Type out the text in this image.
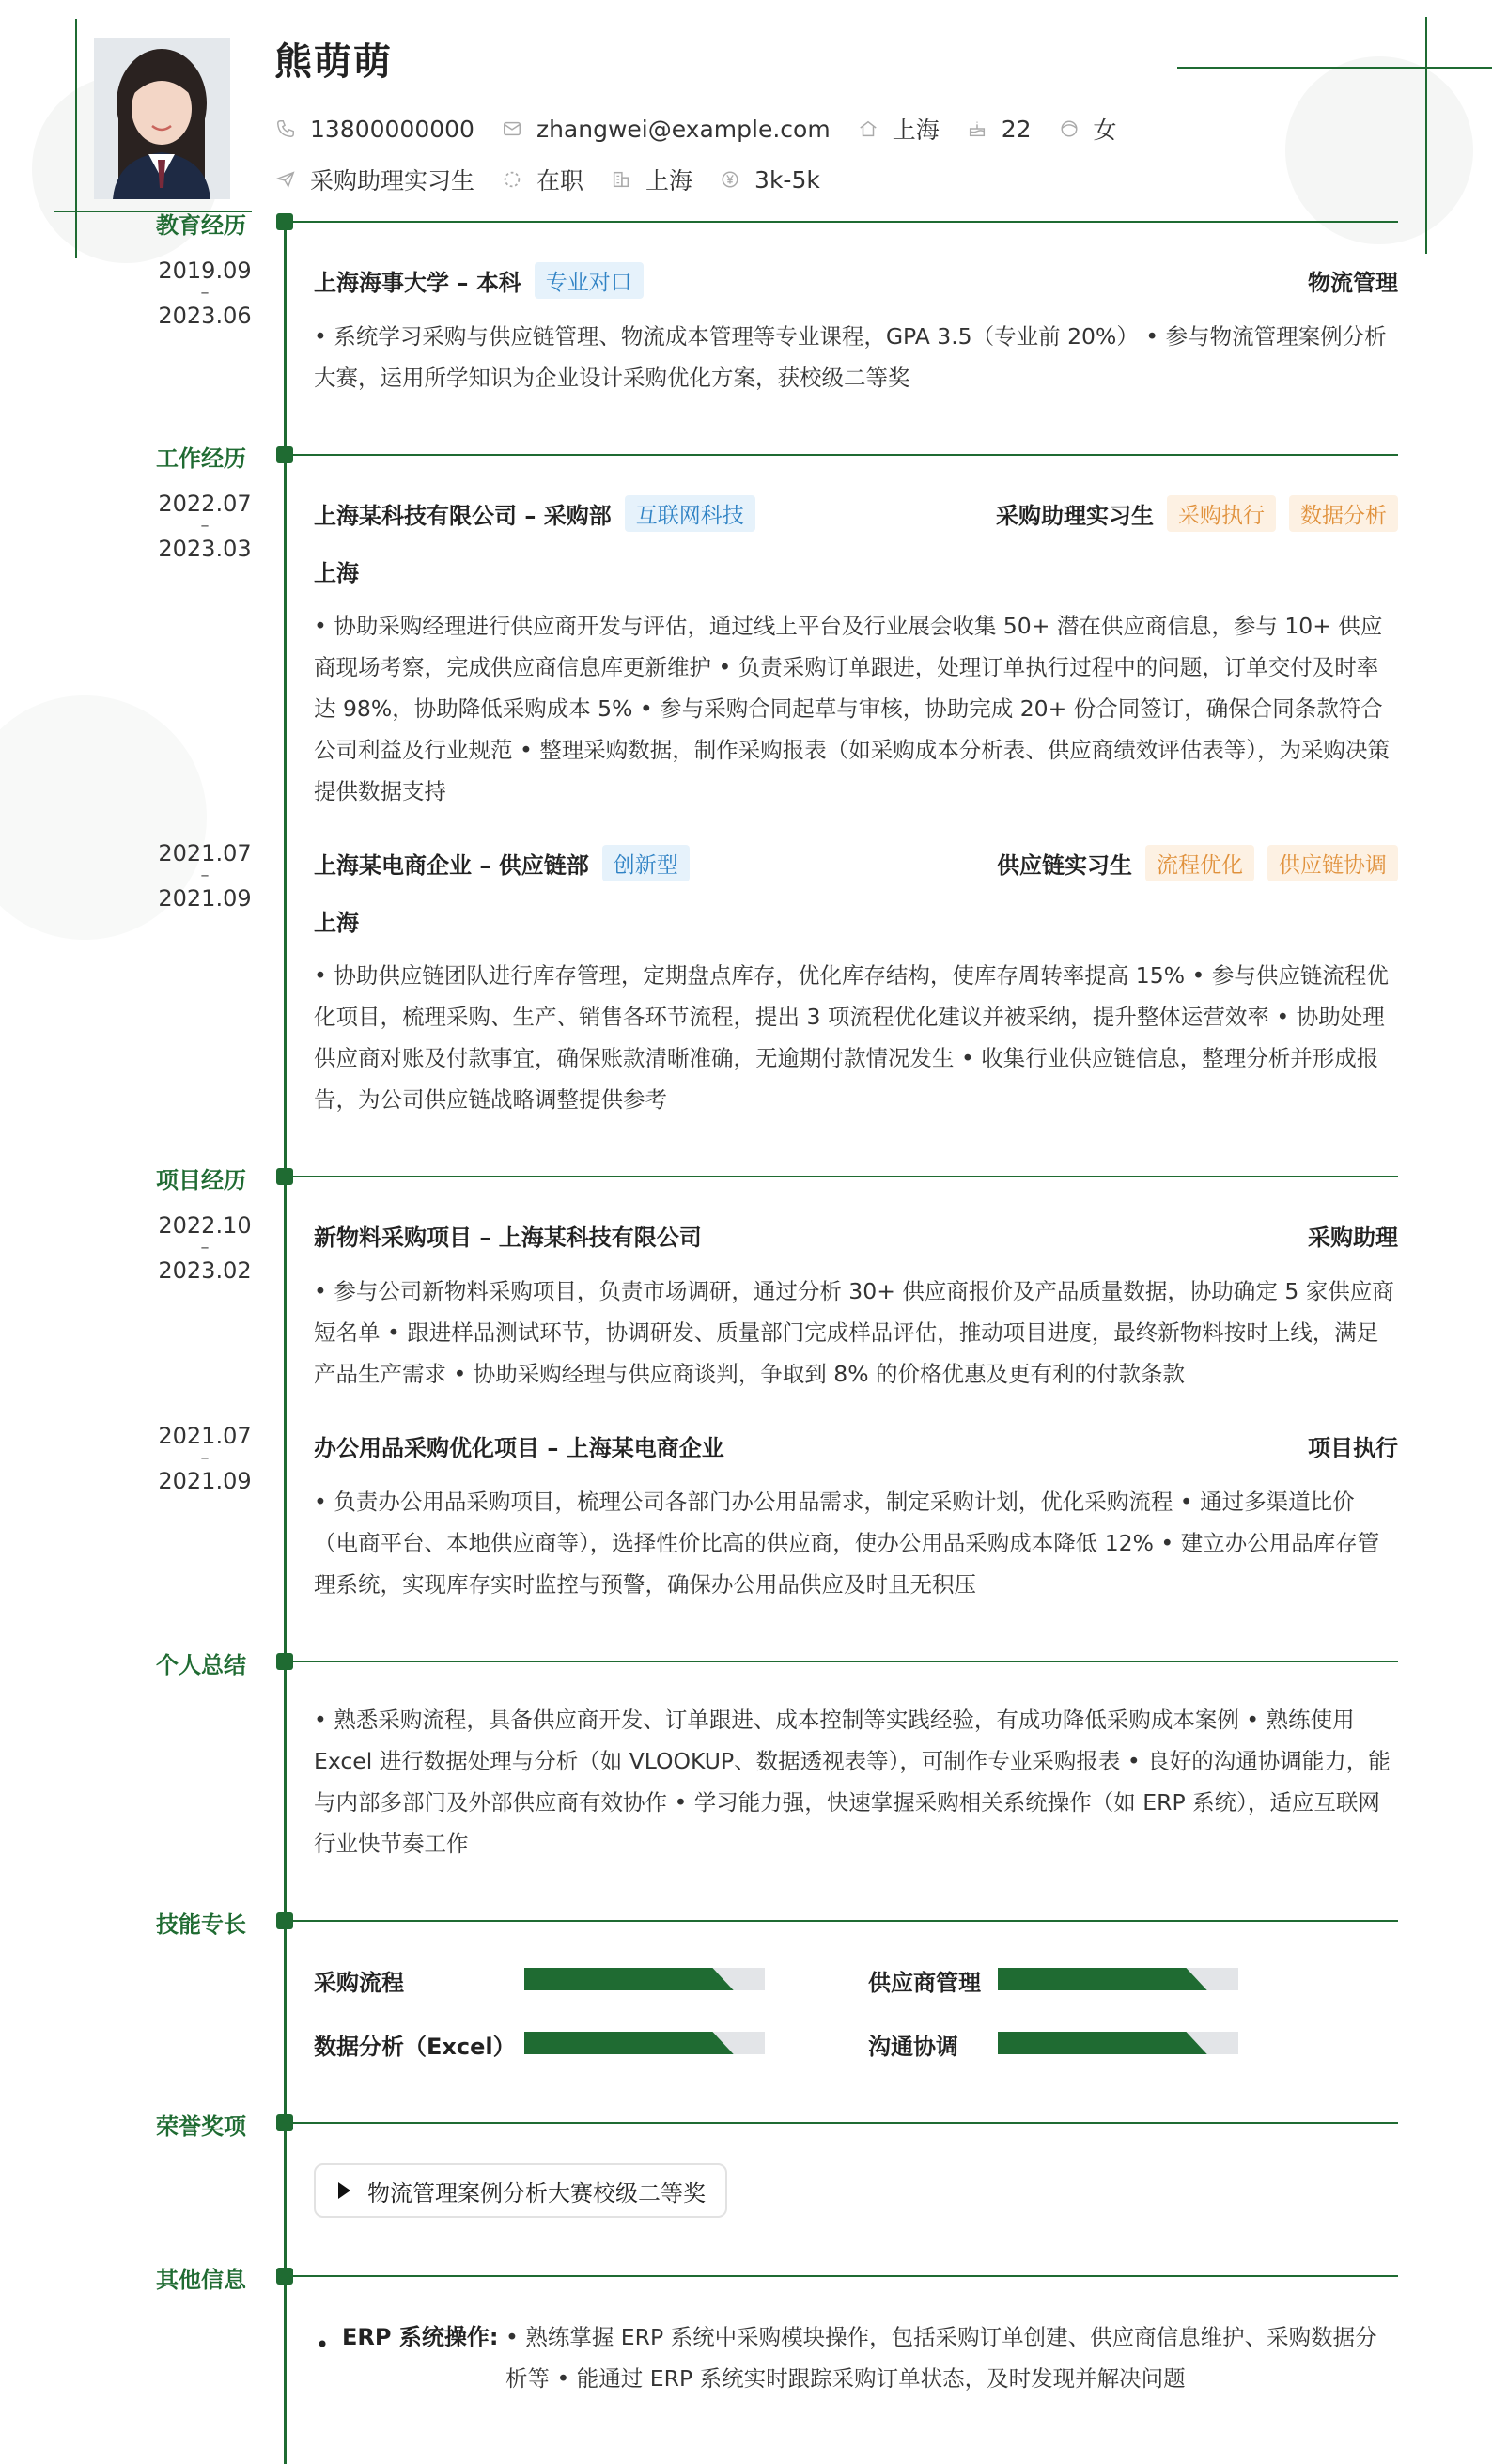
熊萌萌
13800000000	zhangwei@example.com	上海	22	女
采购助理实习生	在职	上海	3k-5k
教育经历
2019.09
–
2023.06
上海海事大学 – 本科	专业对口	物流管理
• 系统学习采购与供应链管理、物流成本管理等专业课程，GPA 3.5（专业前 20%） • 参与物流管理案例分析大赛，运用所学知识为企业设计采购优化方案，获校级二等奖
工作经历
2022.07
–
2023.03
上海某科技有限公司 – 采购部	互联网科技	采购助理实习生	采购执行	数据分析
上海
• 协助采购经理进行供应商开发与评估，通过线上平台及行业展会收集 50+ 潜在供应商信息，参与 10+ 供应商现场考察，完成供应商信息库更新维护 • 负责采购订单跟进，处理订单执行过程中的问题，订单交付及时率达 98%，协助降低采购成本 5% • 参与采购合同起草与审核，协助完成 20+ 份合同签订，确保合同条款符合公司利益及行业规范 • 整理采购数据，制作采购报表（如采购成本分析表、供应商绩效评估表等），为采购决策提供数据支持
2021.07
–
2021.09
上海某电商企业 – 供应链部	创新型	供应链实习生	流程优化	供应链协调
上海
• 协助供应链团队进行库存管理，定期盘点库存，优化库存结构，使库存周转率提高 15% • 参与供应链流程优化项目，梳理采购、生产、销售各环节流程，提出 3 项流程优化建议并被采纳，提升整体运营效率 • 协助处理供应商对账及付款事宜，确保账款清晰准确，无逾期付款情况发生 • 收集行业供应链信息，整理分析并形成报告，为公司供应链战略调整提供参考
项目经历
2022.10
–
2023.02
新物料采购项目 – 上海某科技有限公司	采购助理
• 参与公司新物料采购项目，负责市场调研，通过分析 30+ 供应商报价及产品质量数据，协助确定 5 家供应商短名单 • 跟进样品测试环节，协调研发、质量部门完成样品评估，推动项目进度，最终新物料按时上线，满足产品生产需求 • 协助采购经理与供应商谈判，争取到 8% 的价格优惠及更有利的付款条款
2021.07
–
2021.09
办公用品采购优化项目 – 上海某电商企业	项目执行
• 负责办公用品采购项目，梳理公司各部门办公用品需求，制定采购计划，优化采购流程 • 通过多渠道比价（电商平台、本地供应商等），选择性价比高的供应商，使办公用品采购成本降低 12% • 建立办公用品库存管理系统，实现库存实时监控与预警，确保办公用品供应及时且无积压
个人总结
• 熟悉采购流程，具备供应商开发、订单跟进、成本控制等实践经验，有成功降低采购成本案例 • 熟练使用 Excel 进行数据处理与分析（如 VLOOKUP、数据透视表等），可制作专业采购报表 • 良好的沟通协调能力，能与内部多部门及外部供应商有效协作 • 学习能力强，快速掌握采购相关系统操作（如 ERP 系统），适应互联网行业快节奏工作
技能专长
采购流程	供应商管理
数据分析（Excel）	沟通协调
荣誉奖项
物流管理案例分析大赛校级二等奖
其他信息
• ERP 系统操作: • 熟练掌握 ERP 系统中采购模块操作，包括采购订单创建、供应商信息维护、采购数据分析等 • 能通过 ERP 系统实时跟踪采购订单状态，及时发现并解决问题
